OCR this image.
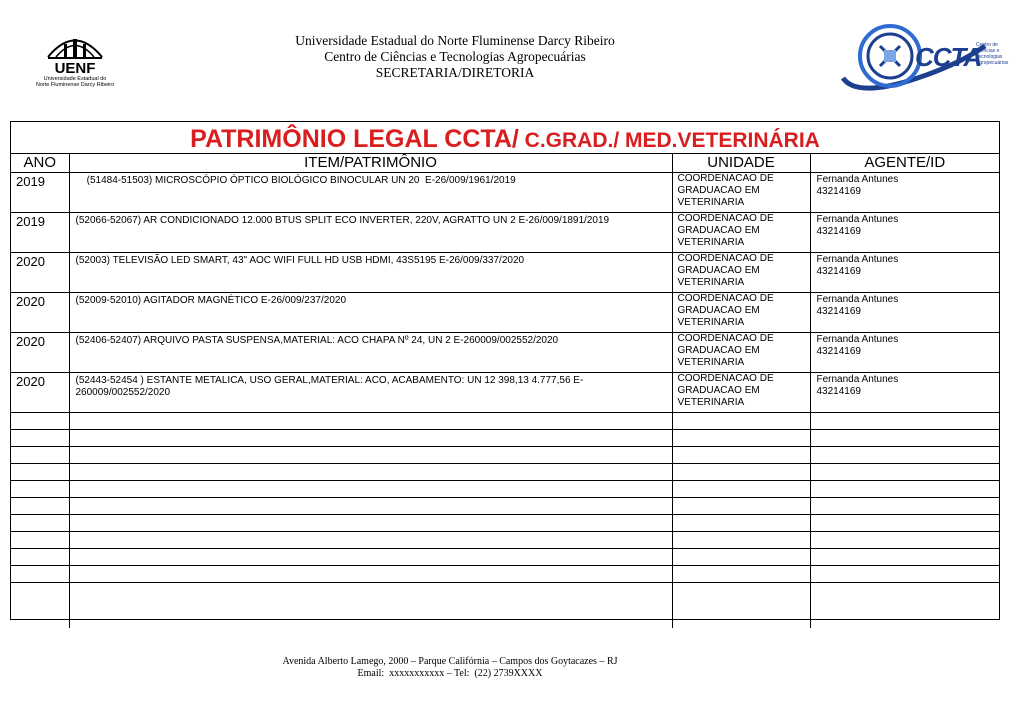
UENF
Universidade Estadual do
Norte Fluminense Darcy Ribeiro
Universidade Estadual do Norte Fluminense Darcy Ribeiro
Centro de Ciências e Tecnologias Agropecuárias
SECRETARIA/DIRETORIA
CCTA
Centro de
Ciências e
Tecnologias
Agropecuárias
PATRIMÔNIO LEGAL CCTA/ C.GRAD./ MED.VETERINÁRIA
ANO	ITEM/PATRIMÔNIO	UNIDADE	AGENTE/ID
2019	(51484-51503) MICROSCÓPIO ÓPTICO BIOLÓGICO BINOCULAR UN 20  E-26/009/1961/2019	COORDENACAO DE GRADUACAO EM VETERINARIA	Fernanda Antunes
43214169

2019	(52066-52067) AR CONDICIONADO 12.000 BTUS SPLIT ECO INVERTER, 220V, AGRATTO UN 2 E-26/009/1891/2019	COORDENACAO DE GRADUACAO EM VETERINARIA	Fernanda Antunes
43214169

2020	(52003) TELEVISÃO LED SMART, 43" AOC WIFI FULL HD USB HDMI, 43S5195 E-26/009/337/2020	COORDENACAO DE GRADUACAO EM VETERINARIA	Fernanda Antunes
43214169

2020	(52009-52010) AGITADOR MAGNÉTICO E-26/009/237/2020	COORDENACAO DE GRADUACAO EM VETERINARIA	Fernanda Antunes
43214169

2020	(52406-52407) ARQUIVO PASTA SUSPENSA,MATERIAL: ACO CHAPA Nº 24, UN 2 E-260009/002552/2020	COORDENACAO DE GRADUACAO EM VETERINARIA	Fernanda Antunes
43214169

2020	(52443-52454 ) ESTANTE METALICA, USO GERAL,MATERIAL: ACO, ACABAMENTO: UN 12 398,13 4.777,56 E-260009/002552/2020	COORDENACAO DE GRADUACAO EM VETERINARIA	Fernanda Antunes
43214169

Avenida Alberto Lamego, 2000 – Parque Califórnia – Campos dos Goytacazes – RJ
Email:  xxxxxxxxxxx – Tel:  (22) 2739XXXX
